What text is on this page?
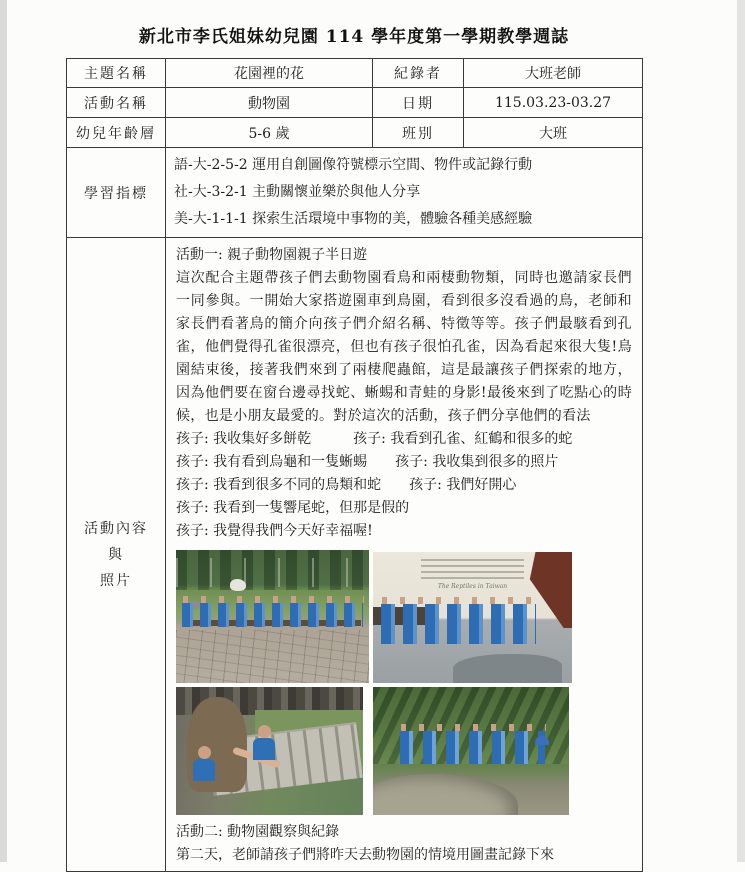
新北市李氏姐妹幼兒園 114 學年度第一學期教學週誌
主題名稱	花園裡的花	紀錄者	大班老師
活動名稱	動物園	日期	115.03.23-03.27
幼兒年齡層	5-6 歲	班別	大班
學習指標	語-大-2-5-2 運用自創圖像符號標示空間、物件或記錄行動
社-大-3-2-1 主動關懷並樂於與他人分享
美-大-1-1-1 探索生活環境中事物的美，體驗各種美感經驗		

活動內容
與
照片

活動一: 親子動物園親子半日遊
這次配合主題帶孩子們去動物園看鳥和兩棲動物類，同時也邀請家長們一同參與。一開始大家搭遊園車到鳥園，看到很多沒看過的鳥，老師和家長們看著鳥的簡介向孩子們介紹名稱、特徵等等。孩子們最駭看到孔雀，他們覺得孔雀很漂亮，但也有孩子很怕孔雀，因為看起來很大隻!鳥園結束後，接著我們來到了兩棲爬蟲館，這是最讓孩子們探索的地方，因為他們要在窗台邊尋找蛇、蜥蜴和青蛙的身影!最後來到了吃點心的時候，也是小朋友最愛的。對於這次的活動，孩子們分享他們的看法
孩子: 我收集好多餅乾　　　孩子: 我看到孔雀、紅鶴和很多的蛇
孩子: 我有看到烏龜和一隻蜥蜴　　孩子: 我收集到很多的照片
孩子: 我看到很多不同的鳥類和蛇　　孩子: 我們好開心
孩子: 我看到一隻響尾蛇，但那是假的
孩子: 我覺得我們今天好幸福喔!
The Reptiles in Taiwan
活動二: 動物園觀察與紀錄
第二天，老師請孩子們將昨天去動物園的情境用圖畫記錄下來
